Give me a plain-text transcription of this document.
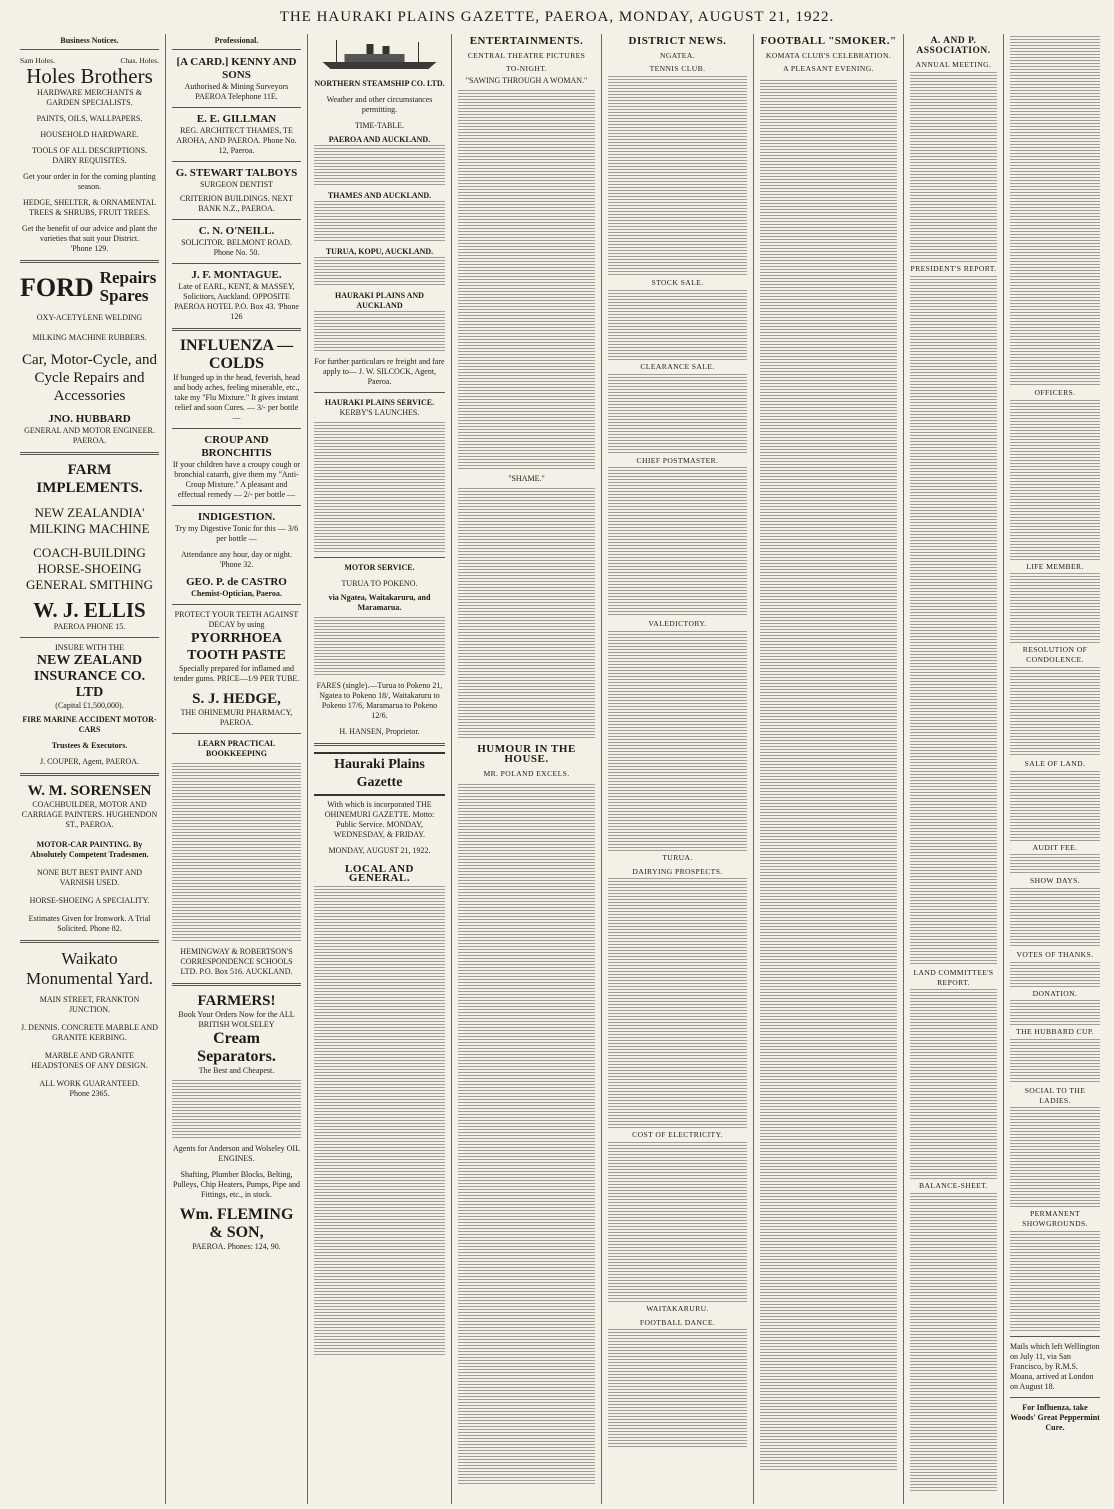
THE HAURAKI PLAINS GAZETTE, PAEROA, MONDAY, AUGUST 21, 1922.
Business Notices.
Sam Holes.	Chas. Holes.
Holes Brothers
HARDWARE MERCHANTS & GARDEN SPECIALISTS.
PAINTS, OILS, WALLPAPERS.
HOUSEHOLD HARDWARE.
TOOLS OF ALL DESCRIPTIONS. DAIRY REQUISITES.
Get your order in for the coming planting season.
HEDGE, SHELTER, & ORNAMENTAL TREES & SHRUBS, FRUIT TREES.
Get the benefit of our advice and plant the varieties that suit your District.
'Phone 129.
FORD Repairs Spares
OXY-ACETYLENE WELDING
MILKING MACHINE RUBBERS.
Car, Motor-Cycle, and Cycle Repairs and Accessories
JNO. HUBBARD
GENERAL AND MOTOR ENGINEER. PAEROA.
FARM IMPLEMENTS.
NEW ZEALANDIA' MILKING MACHINE
COACH-BUILDING HORSE-SHOEING GENERAL SMITHING
W. J. ELLIS
PAEROA PHONE 15.
INSURE WITH THE
NEW ZEALAND INSURANCE CO. LTD
(Capital £1,500,000).
FIRE MARINE ACCIDENT MOTOR-CARS
Trustees & Executors.
J. COUPER, Agent, PAEROA.
W. M. SORENSEN
COACHBUILDER, MOTOR AND CARRIAGE PAINTERS. HUGHENDON ST., PAEROA.
MOTOR-CAR PAINTING. By Absolutely Competent Tradesmen.
NONE BUT BEST PAINT AND VARNISH USED.
HORSE-SHOEING A SPECIALITY.
Estimates Given for Ironwork. A Trial Solicited. Phone 82.
Waikato Monumental Yard.
MAIN STREET, FRANKTON JUNCTION.
J. DENNIS. CONCRETE MARBLE AND GRANITE KERBING.
MARBLE AND GRANITE HEADSTONES OF ANY DESIGN.
ALL WORK GUARANTEED.
Phone 2365.
Professional.
[A CARD.] KENNY AND SONS
Authorised & Mining Surveyors PAEROA Telephone 11E.
E. E. GILLMAN
REG. ARCHITECT THAMES, TE AROHA, AND PAEROA. Phone No. 12, Paeroa.
G. STEWART TALBOYS
SURGEON DENTIST
CRITERION BUILDINGS. NEXT BANK N.Z., PAEROA.
C. N. O'NEILL.
SOLICITOR. BELMONT ROAD. Phone No. 50.
J. F. MONTAGUE.
Late of EARL, KENT, & MASSEY, Solicitors, Auckland. OPPOSITE PAEROA HOTEL P.O. Box 43. 'Phone 126
INFLUENZA — COLDS
If bunged up in the head, feverish, head and body aches, feeling miserable, etc., take my "Flu Mixture." It gives instant relief and soon Cures. — 3/- per bottle —
CROUP AND BRONCHITIS
If your children have a croupy cough or bronchial catarrh, give them my "Anti-Croup Mixture." A pleasant and effectual remedy — 2/- per bottle —
INDIGESTION.
Try my Digestive Tonic for this — 3/6 per bottle —
Attendance any hour, day or night. 'Phone 32.
GEO. P. de CASTRO
Chemist-Optician, Paeroa.
PROTECT YOUR TEETH AGAINST DECAY by using
PYORRHOEA TOOTH PASTE
Specially prepared for inflamed and tender gums. PRICE—1/9 PER TUBE.
S. J. HEDGE,
THE OHINEMURI PHARMACY, PAEROA.
LEARN PRACTICAL BOOKKEEPING
HEMINGWAY & ROBERTSON'S CORRESPONDENCE SCHOOLS LTD. P.O. Box 516. AUCKLAND.
FARMERS!
Book Your Orders Now for the ALL BRITISH WOLSELEY
Cream Separators.
The Best and Cheapest.
Agents for Anderson and Wolseley OIL ENGINES.
Shafting, Plumber Blocks, Belting, Pulleys, Chip Heaters, Pumps, Pipe and Fittings, etc., in stock.
Wm. FLEMING & SON,
PAEROA. Phones: 124, 90.
NORTHERN STEAMSHIP CO. LTD.
Weather and other circumstances permitting.
TIME-TABLE.
PAEROA AND AUCKLAND.
THAMES AND AUCKLAND.
TURUA, KOPU, AUCKLAND.
HAURAKI PLAINS AND AUCKLAND
For further particulars re freight and fare apply to— J. W. SILCOCK, Agent, Paeroa.
HAURAKI PLAINS SERVICE.
KERBY'S LAUNCHES.
MOTOR SERVICE.
TURUA TO POKENO.
via Ngatea, Waitakaruru, and Maramarua.
FARES (single).—Turua to Pokeno 21, Ngatea to Pokeno 18/, Waitakaruru to Pokeno 17/6, Maramarua to Pokeno 12/6.
H. HANSEN, Proprietor.
Hauraki Plains Gazette
With which is incorporated THE OHINEMURI GAZETTE. Motto: Public Service. MONDAY, WEDNESDAY, & FRIDAY.
MONDAY, AUGUST 21, 1922.
LOCAL AND GENERAL.
ENTERTAINMENTS.
CENTRAL THEATRE PICTURES
TO-NIGHT.
"SAWING THROUGH A WOMAN."
"SHAME."
HUMOUR IN THE HOUSE.
MR. POLAND EXCELS.
DISTRICT NEWS.
NGATEA.
TENNIS CLUB.
STOCK SALE.
CLEARANCE SALE.
CHIEF POSTMASTER.
VALEDICTORY.
TURUA.
DAIRYING PROSPECTS.
COST OF ELECTRICITY.
WAITAKARURU.
FOOTBALL DANCE.
FOOTBALL "SMOKER."
KOMATA CLUB'S CELEBRATION.
A PLEASANT EVENING.
A. AND P. ASSOCIATION.
ANNUAL MEETING.
PRESIDENT'S REPORT.
LAND COMMITTEE'S REPORT.
BALANCE-SHEET.
OFFICERS.
LIFE MEMBER.
RESOLUTION OF CONDOLENCE.
SALE OF LAND.
AUDIT FEE.
SHOW DAYS.
VOTES OF THANKS.
DONATION.
THE HUBBARD CUP.
SOCIAL TO THE LADIES.
PERMANENT SHOWGROUNDS.
Mails which left Wellington on July 11, via San Francisco, by R.M.S. Moana, arrived at London on August 18.
For Influenza, take Woods' Great Peppermint Cure.
